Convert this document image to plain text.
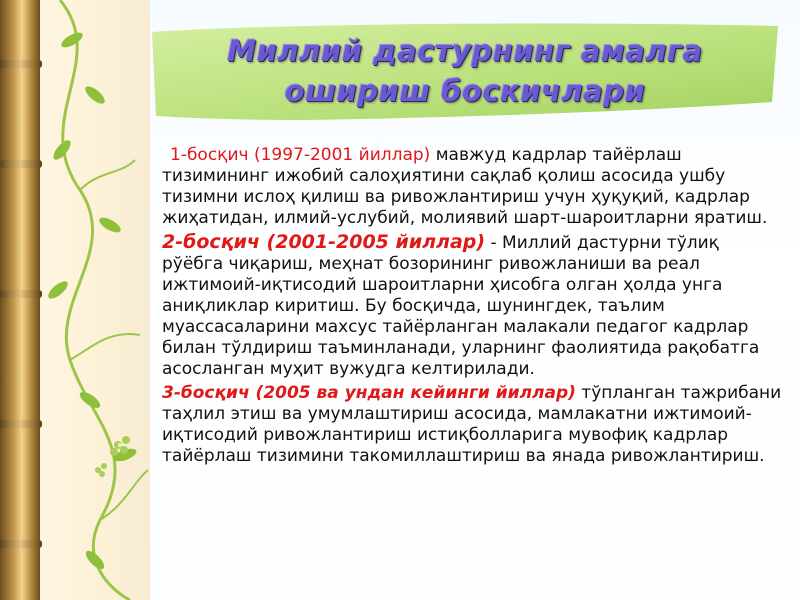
Миллий дастурнинг амалга
ошириш боскичлари

1-босқич (1997-2001 йиллар) мавжуд кадрлар тайёрлаш тизимининг ижобий салоҳиятини сақлаб қолиш асосида ушбу тизимни ислоҳ қилиш ва ривожлантириш учун ҳуқуқий, кадрлар жиҳатидан, илмий-услубий, молиявий шарт-шароитларни яратиш.

2-босқич (2001-2005 йиллар) - Миллий дастурни тўлиқ рўёбга чиқариш, меҳнат бозорининг ривожланиши ва реал ижтимоий-иқтисодий шароитларни ҳисобга олган ҳолда унга аниқликлар киритиш. Бу босқичда, шунингдек, таълим муассасаларини махсус тайёрланган малакали педагог кадрлар билан тўлдириш таъминланади, уларнинг фаолиятида рақобатга асосланган муҳит вужудга келтирилади.

3-босқич (2005 ва ундан кейинги йиллар) тўпланган тажрибани таҳлил этиш ва умумлаштириш асосида, мамлакатни ижтимоий-иқтисодий ривожлантириш истиқболларига мувофиқ кадрлар тайёрлаш тизимини такомиллаштириш ва янада ривожлантириш.
